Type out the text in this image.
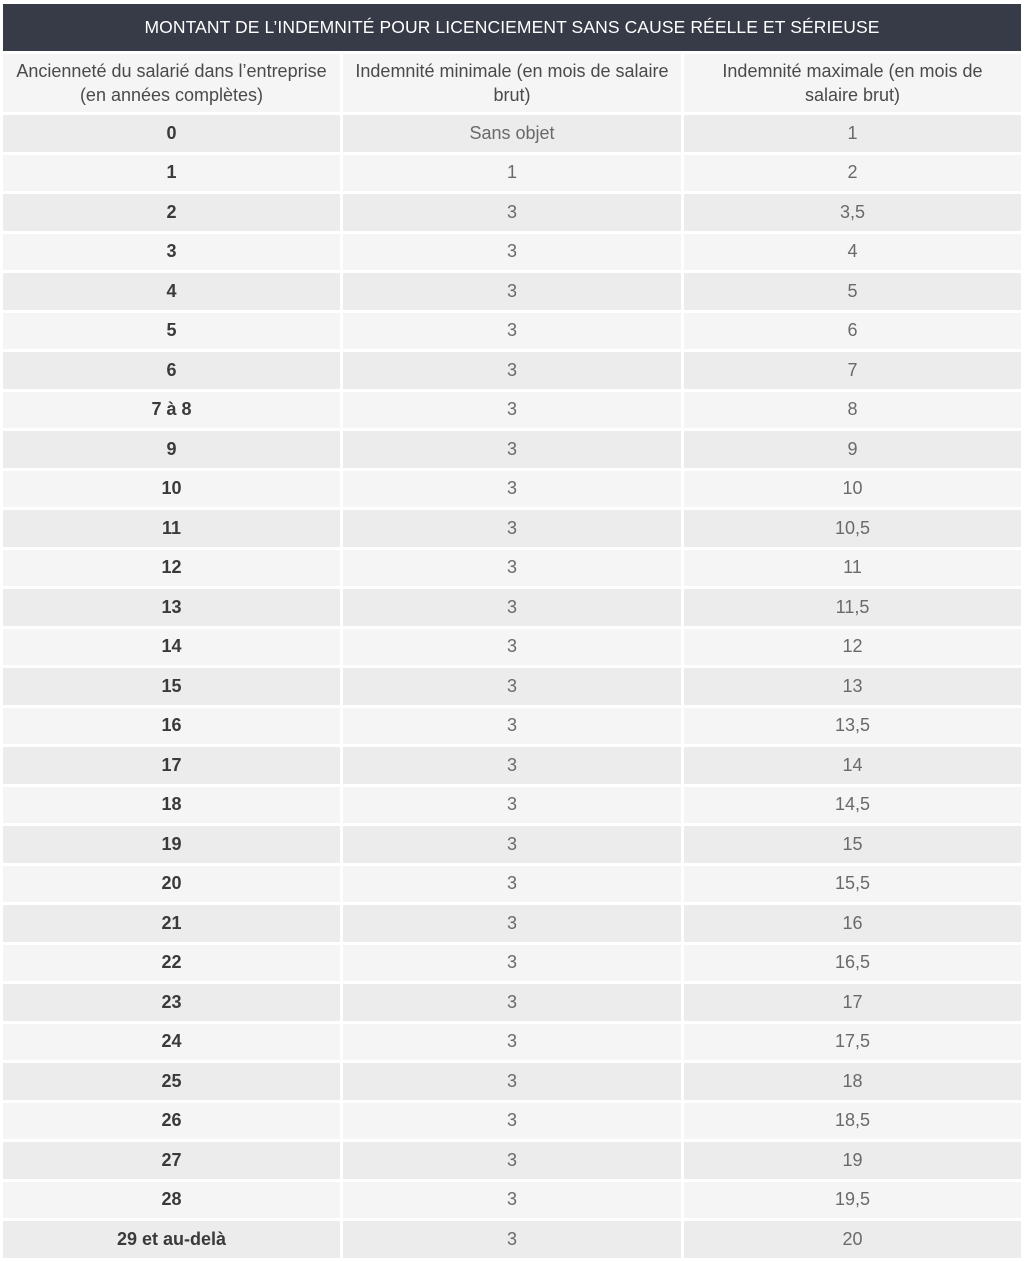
MONTANT DE L’INDEMNITÉ POUR LICENCIEMENT SANS CAUSE RÉELLE ET SÉRIEUSE
Ancienneté du salarié dans l’entreprise (en années complètes)	Indemnité minimale (en mois de salaire brut)	Indemnité maximale (en mois de salaire brut)
0	Sans objet	1
1	1	2
2	3	3,5
3	3	4
4	3	5
5	3	6
6	3	7
7 à 8	3	8
9	3	9
10	3	10
11	3	10,5
12	3	11
13	3	11,5
14	3	12
15	3	13
16	3	13,5
17	3	14
18	3	14,5
19	3	15
20	3	15,5
21	3	16
22	3	16,5
23	3	17
24	3	17,5
25	3	18
26	3	18,5
27	3	19
28	3	19,5
29 et au-delà	3	20
